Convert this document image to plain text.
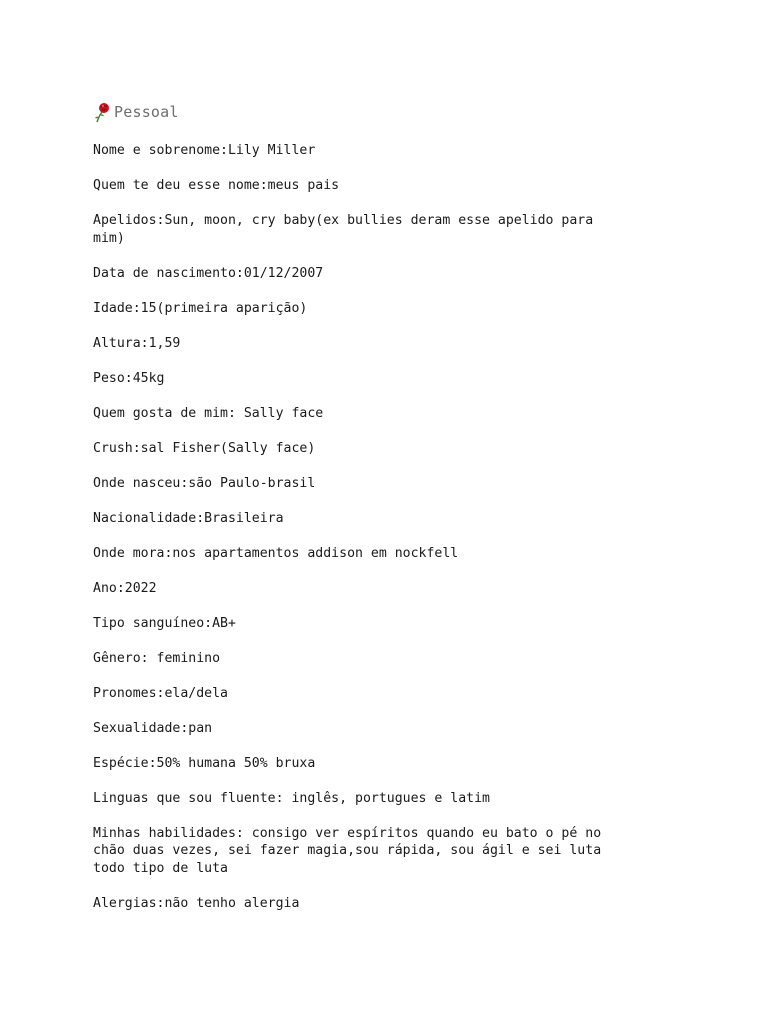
Pessoal

Nome e sobrenome:Lily Miller

Quem te deu esse nome:meus pais

Apelidos:Sun, moon, cry baby(ex bullies deram esse apelido para
mim)

Data de nascimento:01/12/2007

Idade:15(primeira aparição)

Altura:1,59

Peso:45kg

Quem gosta de mim: Sally face

Crush:sal Fisher(Sally face)

Onde nasceu:são Paulo-brasil

Nacionalidade:Brasileira

Onde mora:nos apartamentos addison em nockfell

Ano:2022

Tipo sanguíneo:AB+

Gênero: feminino

Pronomes:ela/dela

Sexualidade:pan

Espécie:50% humana 50% bruxa

Linguas que sou fluente: inglês, portugues e latim

Minhas habilidades: consigo ver espíritos quando eu bato o pé no
chão duas vezes, sei fazer magia,sou rápida, sou ágil e sei luta
todo tipo de luta

Alergias:não tenho alergia
